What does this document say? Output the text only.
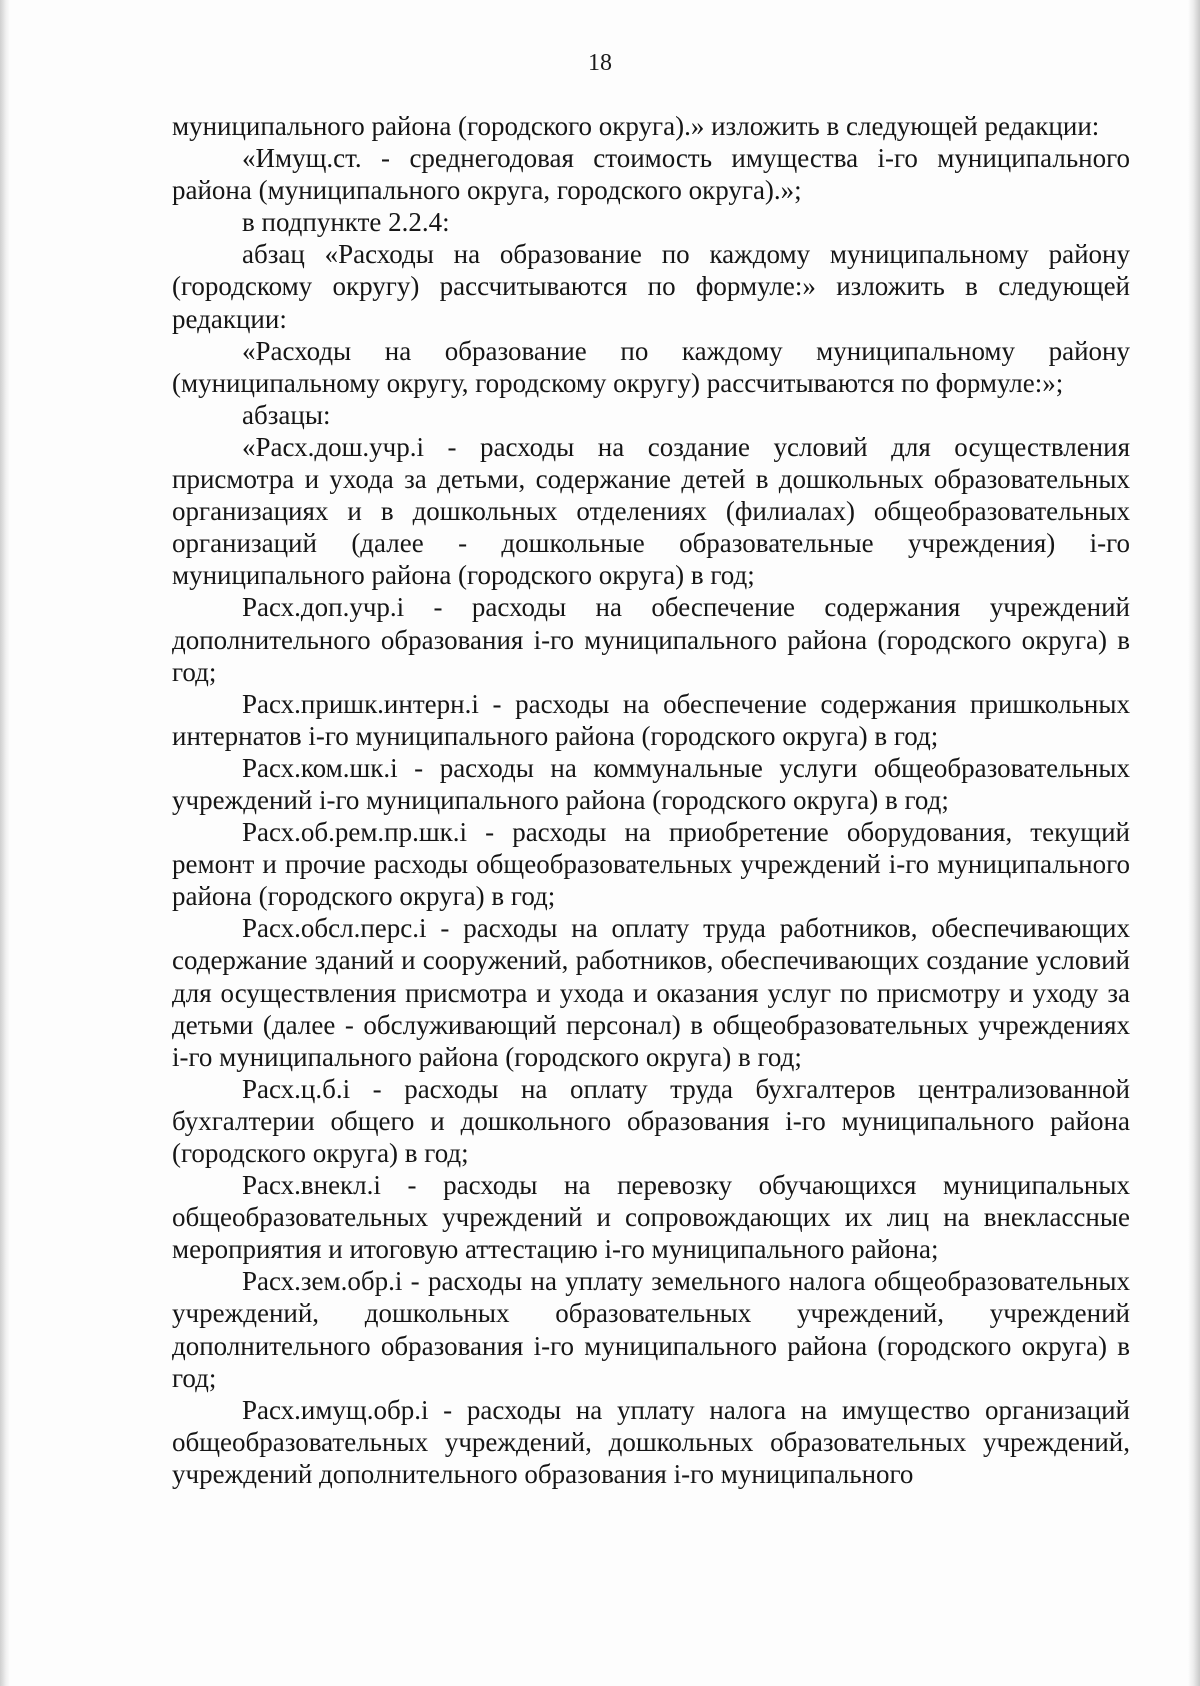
18

муниципального района (городского округа).» изложить в следующей редакции:

«Имущ.ст. - среднегодовая стоимость имущества i-го муниципального района (муниципального округа, городского округа).»;

в подпункте 2.2.4:

абзац «Расходы на образование по каждому муниципальному району (городскому округу) рассчитываются по формуле:» изложить в следующей редакции:

«Расходы на образование по каждому муниципальному району (муниципальному округу, городскому округу) рассчитываются по формуле:»;

абзацы:

«Расх.дош.учр.i - расходы на создание условий для осуществления присмотра и ухода за детьми, содержание детей в дошкольных образовательных организациях и в дошкольных отделениях (филиалах) общеобразовательных организаций (далее - дошкольные образовательные учреждения) i-го муниципального района (городского округа) в год;

Расх.доп.учр.i - расходы на обеспечение содержания учреждений дополнительного образования i-го муниципального района (городского округа) в год;

Расх.пришк.интерн.i - расходы на обеспечение содержания пришкольных интернатов i-го муниципального района (городского округа) в год;

Расх.ком.шк.i - расходы на коммунальные услуги общеобразовательных учреждений i-го муниципального района (городского округа) в год;

Расх.об.рем.пр.шк.i - расходы на приобретение оборудования, текущий ремонт и прочие расходы общеобразовательных учреждений i-го муниципального района (городского округа) в год;

Расх.обсл.перс.i - расходы на оплату труда работников, обеспечивающих содержание зданий и сооружений, работников, обеспечивающих создание условий для осуществления присмотра и ухода и оказания услуг по присмотру и уходу за детьми (далее - обслуживающий персонал) в общеобразовательных учреждениях i-го муниципального района (городского округа) в год;

Расх.ц.б.i - расходы на оплату труда бухгалтеров централизованной бухгалтерии общего и дошкольного образования i-го муниципального района (городского округа) в год;

Расх.внекл.i - расходы на перевозку обучающихся муниципальных общеобразовательных учреждений и сопровождающих их лиц на внеклассные мероприятия и итоговую аттестацию i-го муниципального района;

Расх.зем.обр.i - расходы на уплату земельного налога общеобразовательных учреждений, дошкольных образовательных учреждений, учреждений дополнительного образования i-го муниципального района (городского округа) в год;

Расх.имущ.обр.i - расходы на уплату налога на имущество организаций общеобразовательных учреждений, дошкольных образовательных учреждений, учреждений дополнительного образования i-го муниципального
